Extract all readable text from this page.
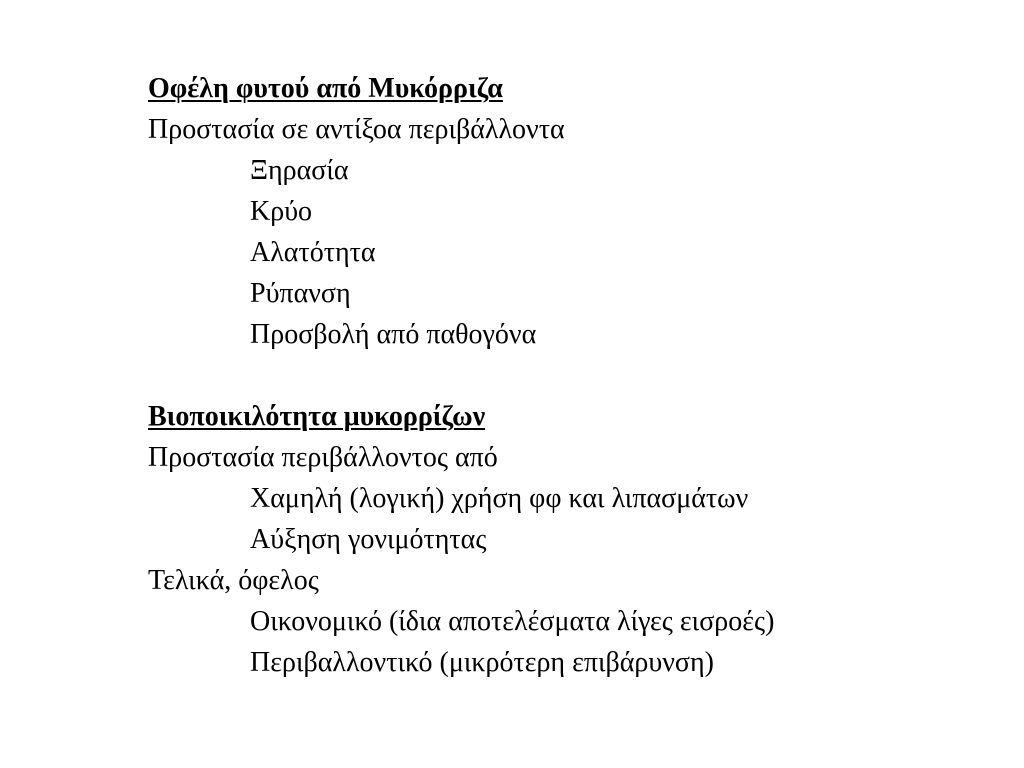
Οφέλη φυτού από Μυκόρριζα
Προστασία σε αντίξοα περιβάλλοντα
Ξηρασία
Κρύο
Αλατότητα
Ρύπανση
Προσβολή από παθογόνα
Βιοποικιλότητα μυκορρίζων
Προστασία περιβάλλοντος από
Χαμηλή (λογική) χρήση φφ και λιπασμάτων
Αύξηση γονιμότητας
Τελικά, όφελος
Οικονομικό (ίδια αποτελέσματα λίγες εισροές)
Περιβαλλοντικό (μικρότερη επιβάρυνση)
